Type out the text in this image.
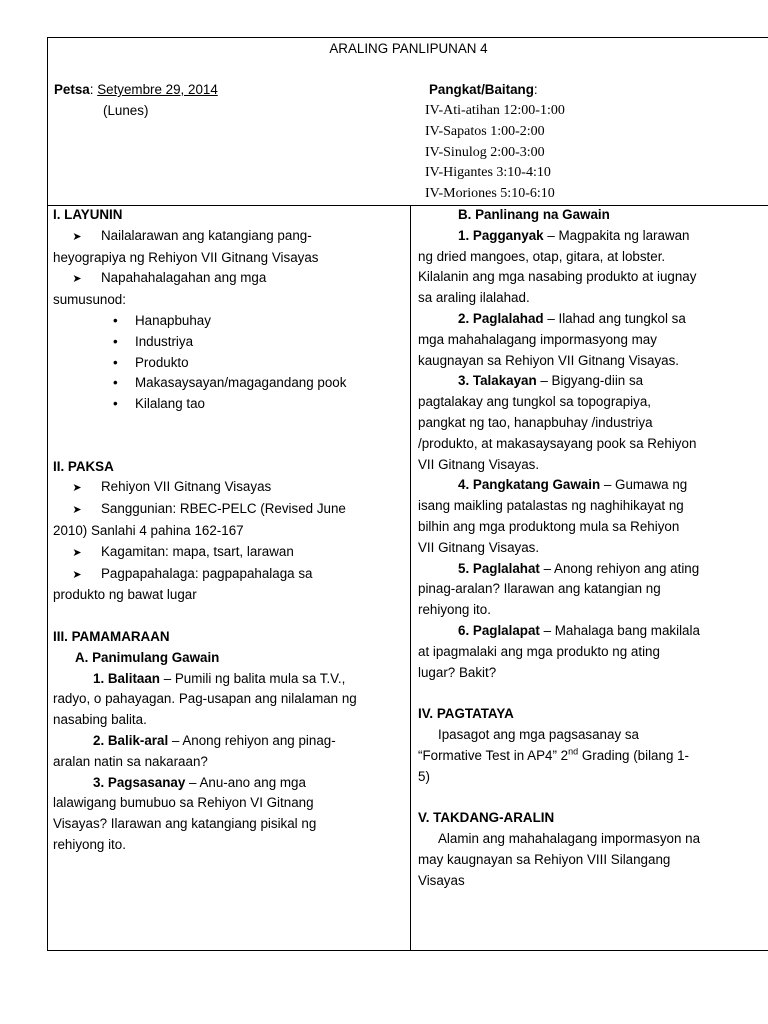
ARALING PANLIPUNAN 4
Petsa: Setyembre 29, 2014
(Lunes)
Pangkat/Baitang:
IV-Ati-atihan 12:00-1:00
IV-Sapatos 1:00-2:00
IV-Sinulog 2:00-3:00
IV-Higantes 3:10-4:10
IV-Moriones 5:10-6:10
I. LAYUNIN
➤ Nailalarawan ang katangiang pang-
heyograpiya ng Rehiyon VII Gitnang Visayas
➤ Napahahalagahan ang mga
sumusunod:
• Hanapbuhay
• Industriya
• Produkto
• Makasaysayan/magagandang pook
• Kilalang tao
II. PAKSA
➤ Rehiyon VII Gitnang Visayas
➤ Sanggunian: RBEC-PELC (Revised June
2010) Sanlahi 4 pahina 162-167
➤ Kagamitan: mapa, tsart, larawan
➤ Pagpapahalaga: pagpapahalaga sa
produkto ng bawat lugar
III. PAMAMARAAN
A. Panimulang Gawain
1. Balitaan – Pumili ng balita mula sa T.V.,
radyo, o pahayagan. Pag-usapan ang nilalaman ng
nasabing balita.
2. Balik-aral – Anong rehiyon ang pinag-
aralan natin sa nakaraan?
3. Pagsasanay – Anu-ano ang mga
lalawigang bumubuo sa Rehiyon VI Gitnang
Visayas? Ilarawan ang katangiang pisikal ng
rehiyong ito.
B. Panlinang na Gawain
1. Pagganyak – Magpakita ng larawan
ng dried mangoes, otap, gitara, at lobster.
Kilalanin ang mga nasabing produkto at iugnay
sa araling ilalahad.
2. Paglalahad – Ilahad ang tungkol sa
mga mahahalagang impormasyong may
kaugnayan sa Rehiyon VII Gitnang Visayas.
3. Talakayan – Bigyang-diin sa
pagtalakay ang tungkol sa topograpiya,
pangkat ng tao, hanapbuhay /industriya
/produkto, at makasaysayang pook sa Rehiyon
VII Gitnang Visayas.
4. Pangkatang Gawain – Gumawa ng
isang maikling patalastas ng naghihikayat ng
bilhin ang mga produktong mula sa Rehiyon
VII Gitnang Visayas.
5. Paglalahat – Anong rehiyon ang ating
pinag-aralan? Ilarawan ang katangian ng
rehiyong ito.
6. Paglalapat – Mahalaga bang makilala
at ipagmalaki ang mga produkto ng ating
lugar? Bakit?
IV. PAGTATAYA
Ipasagot ang mga pagsasanay sa
“Formative Test in AP4” 2nd Grading (bilang 1-
5)
V. TAKDANG-ARALIN
Alamin ang mahahalagang impormasyon na
may kaugnayan sa Rehiyon VIII Silangang
Visayas
